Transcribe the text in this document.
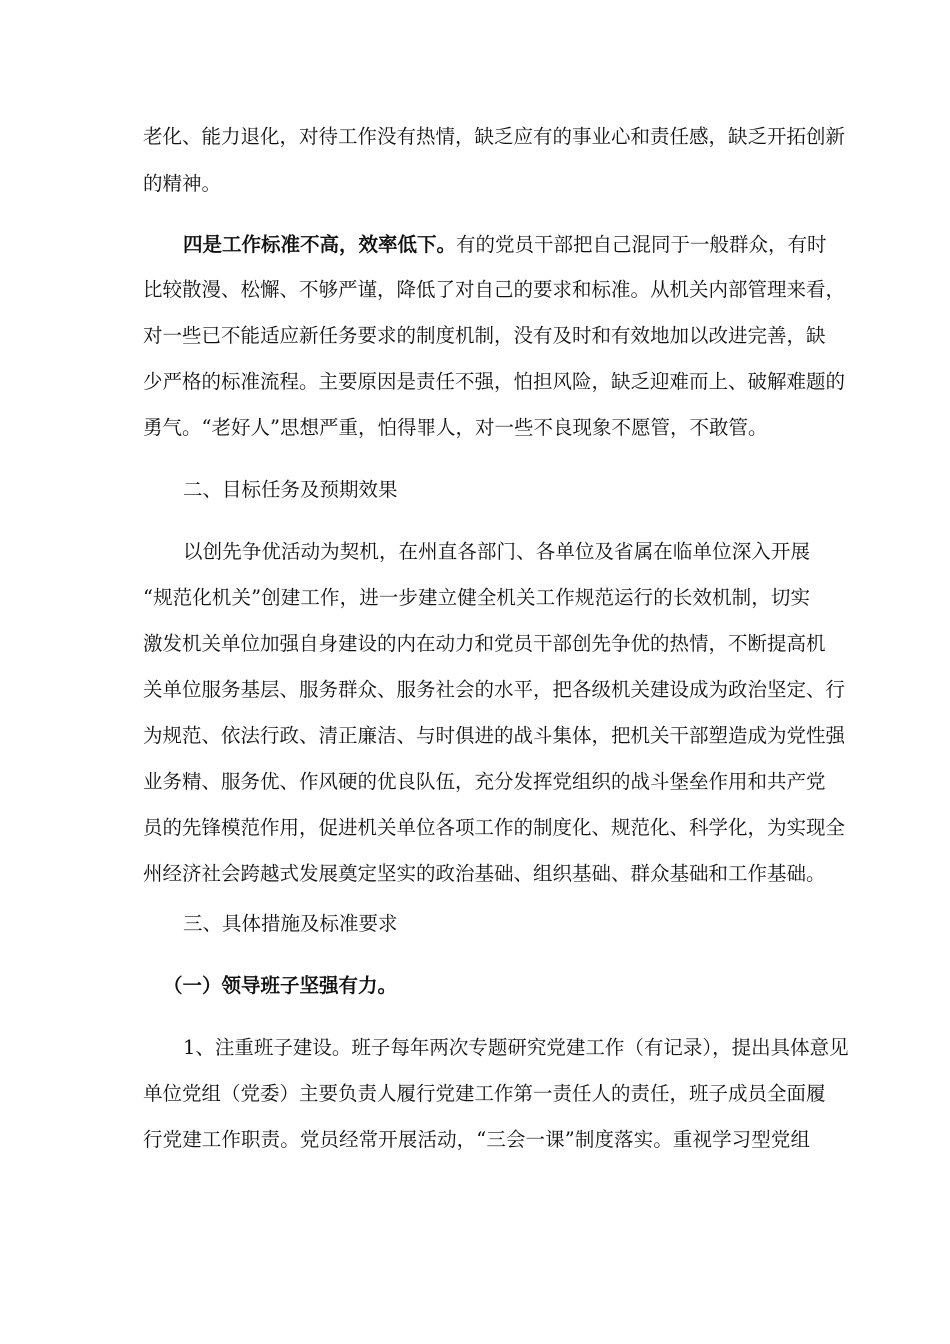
老化、能力退化，对待工作没有热情，缺乏应有的事业心和责任感，缺乏开拓创新
的精神。
四是工作标准不高，效率低下。有的党员干部把自己混同于一般群众，有时
比较散漫、松懈、不够严谨，降低了对自己的要求和标准。从机关内部管理来看，
对一些已不能适应新任务要求的制度机制，没有及时和有效地加以改进完善，缺
少严格的标准流程。主要原因是责任不强，怕担风险，缺乏迎难而上、破解难题的
勇气。“老好人”思想严重，怕得罪人，对一些不良现象不愿管，不敢管。
二、目标任务及预期效果
以创先争优活动为契机，在州直各部门、各单位及省属在临单位深入开展
“规范化机关”创建工作，进一步建立健全机关工作规范运行的长效机制，切实
激发机关单位加强自身建设的内在动力和党员干部创先争优的热情，不断提高机
关单位服务基层、服务群众、服务社会的水平，把各级机关建设成为政治坚定、行
为规范、依法行政、清正廉洁、与时俱进的战斗集体，把机关干部塑造成为党性强
业务精、服务优、作风硬的优良队伍，充分发挥党组织的战斗堡垒作用和共产党
员的先锋模范作用，促进机关单位各项工作的制度化、规范化、科学化，为实现全
州经济社会跨越式发展奠定坚实的政治基础、组织基础、群众基础和工作基础。
三、具体措施及标准要求
（一）领导班子坚强有力。
1、注重班子建设。班子每年两次专题研究党建工作（有记录），提出具体意见
单位党组（党委）主要负责人履行党建工作第一责任人的责任，班子成员全面履
行党建工作职责。党员经常开展活动，“三会一课”制度落实。重视学习型党组
